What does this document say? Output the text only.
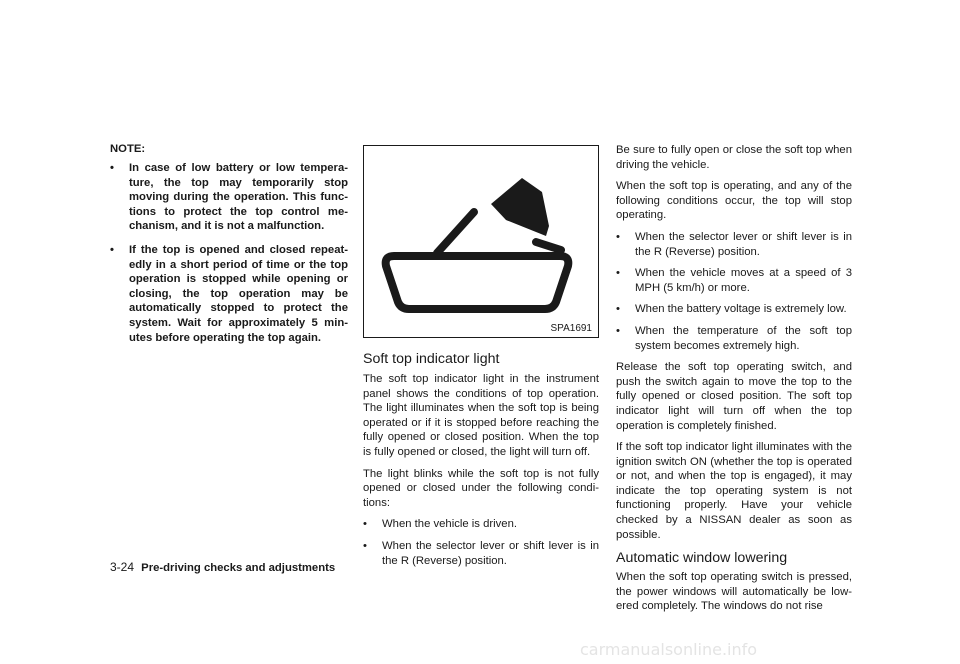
NOTE:
• In case of low battery or low tempera-ture, the top may temporarily stop moving during the operation. This func-tions to protect the top control me-chanism, and it is not a malfunction.
• If the top is opened and closed repeat-edly in a short period of time or the top operation is stopped while opening or closing, the top operation may be automatically stopped to protect the system. Wait for approximately 5 min-utes before operating the top again.
SPA1691
Soft top indicator light

The soft top indicator light in the instrument panel shows the conditions of top operation. The light illuminates when the soft top is being operated or if it is stopped before reaching the fully opened or closed position. When the top is fully opened or closed, the light will turn off.

The light blinks while the soft top is not fully opened or closed under the following condi-tions:

• When the vehicle is driven.
• When the selector lever or shift lever is in the R (Reverse) position.

Be sure to fully open or close the soft top when driving the vehicle.

When the soft top is operating, and any of the following conditions occur, the top will stop operating.

• When the selector lever or shift lever is in the R (Reverse) position.
• When the vehicle moves at a speed of 3 MPH (5 km/h) or more.
• When the battery voltage is extremely low.
• When the temperature of the soft top system becomes extremely high.

Release the soft top operating switch, and push the switch again to move the top to the fully opened or closed position. The soft top indicator light will turn off when the top operation is completely finished.

If the soft top indicator light illuminates with the ignition switch ON (whether the top is operated or not, and when the top is engaged), it may indicate the top operating system is not functioning properly. Have your vehicle checked by a NISSAN dealer as soon as possible.

Automatic window lowering

When the soft top operating switch is pressed, the power windows will automatically be low-ered completely. The windows do not rise

3-24 Pre-driving checks and adjustments
carmanualsonline.info
